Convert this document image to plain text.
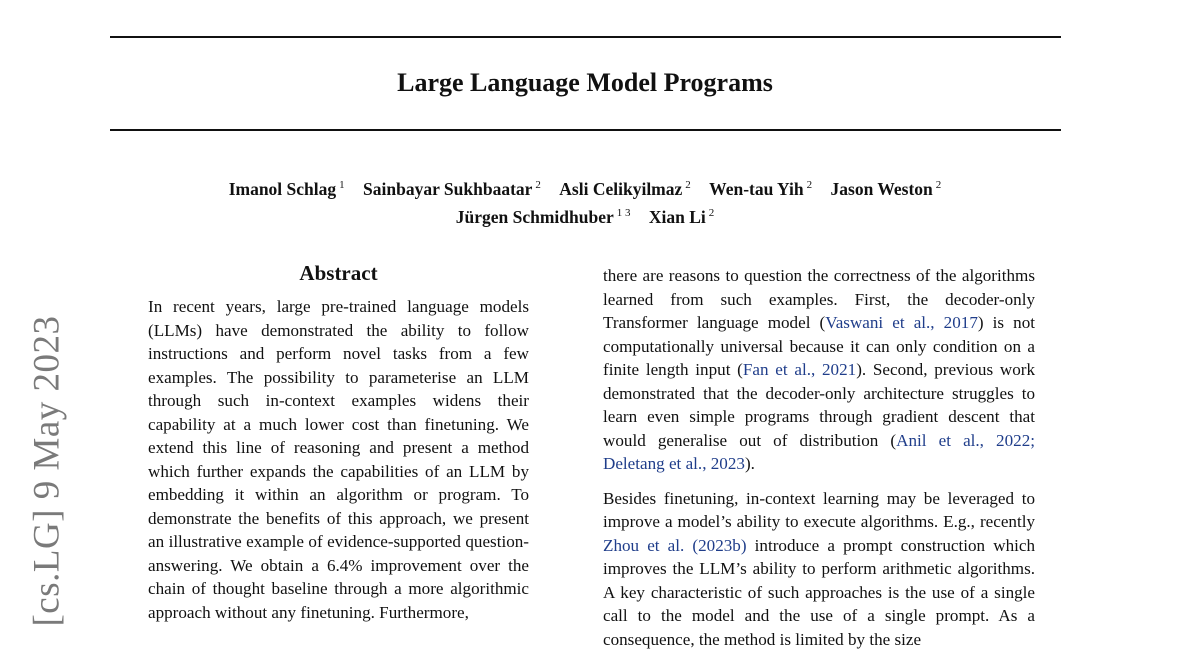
Large Language Model Programs
Imanol Schlag $^1$ Sainbayar Sukhbaatar $^2$ Asli Celikyilmaz $^2$ Wen-tau Yih $^2$ Jason Weston $^2$
Jürgen Schmidhuber $^{1 3}$ Xian Li $^2$
[cs.LG] 9 May 2023
Abstract

In recent years, large pre-trained language models (LLMs) have demonstrated the ability to follow instructions and perform novel tasks from a few examples. The possibility to parameterise an LLM through such in-context examples widens their capability at a much lower cost than finetuning. We extend this line of reasoning and present a method which further expands the capabilities of an LLM by embedding it within an algorithm or program. To demonstrate the benefits of this approach, we present an illustrative example of evidence-supported question-answering. We obtain a 6.4% improvement over the chain of thought baseline through a more algorithmic approach without any finetuning. Furthermore,

there are reasons to question the correctness of the algorithms learned from such examples. First, the decoder-only Transformer language model (Vaswani et al., 2017) is not computationally universal because it can only condition on a finite length input (Fan et al., 2021). Second, previous work demonstrated that the decoder-only architecture struggles to learn even simple programs through gradient descent that would generalise out of distribution (Anil et al., 2022; Deletang et al., 2023).

Besides finetuning, in-context learning may be leveraged to improve a model’s ability to execute algorithms. E.g., recently Zhou et al. (2023b) introduce a prompt construction which improves the LLM’s ability to perform arithmetic algorithms. A key characteristic of such approaches is the use of a single call to the model and the use of a single prompt. As a consequence, the method is limited by the size
